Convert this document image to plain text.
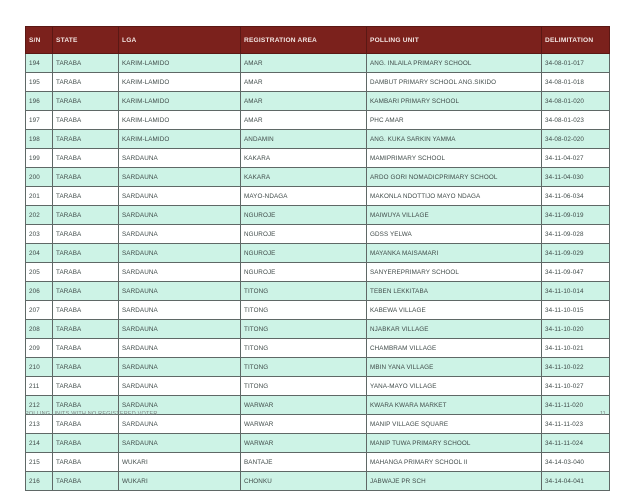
S/N	STATE	LGA	REGISTRATION AREA	POLLING UNIT	DELIMITATION
194	TARABA	KARIM-LAMIDO	AMAR	ANG. INLAILA PRIMARY SCHOOL	34-08-01-017
195	TARABA	KARIM-LAMIDO	AMAR	DAMBUT PRIMARY SCHOOL ANG.SIKIDO	34-08-01-018
196	TARABA	KARIM-LAMIDO	AMAR	KAMBARI PRIMARY SCHOOL	34-08-01-020
197	TARABA	KARIM-LAMIDO	AMAR	PHC AMAR	34-08-01-023
198	TARABA	KARIM-LAMIDO	ANDAMIN	ANG. KUKA SARKIN YAMMA	34-08-02-020
199	TARABA	SARDAUNA	KAKARA	MAMIPRIMARY SCHOOL	34-11-04-027
200	TARABA	SARDAUNA	KAKARA	ARDO GORI NOMADICPRIMARY SCHOOL	34-11-04-030
201	TARABA	SARDAUNA	MAYO-NDAGA	MAKONLA NDOTTIJO MAYO NDAGA	34-11-06-034
202	TARABA	SARDAUNA	NGUROJE	MAIWUYA VILLAGE	34-11-09-019
203	TARABA	SARDAUNA	NGUROJE	GDSS YELWA	34-11-09-028
204	TARABA	SARDAUNA	NGUROJE	MAYANKA MAISAMARI	34-11-09-029
205	TARABA	SARDAUNA	NGUROJE	SANYEREPRIMARY SCHOOL	34-11-09-047
206	TARABA	SARDAUNA	TITONG	TEBEN LEKKITABA	34-11-10-014
207	TARABA	SARDAUNA	TITONG	KABEWA VILLAGE	34-11-10-015
208	TARABA	SARDAUNA	TITONG	NJABKAR VILLAGE	34-11-10-020
209	TARABA	SARDAUNA	TITONG	CHAMBRAM VILLAGE	34-11-10-021
210	TARABA	SARDAUNA	TITONG	MBIN YANA VILLAGE	34-11-10-022
211	TARABA	SARDAUNA	TITONG	YANA-MAYO VILLAGE	34-11-10-027
212	TARABA	SARDAUNA	WARWAR	KWARA KWARA MARKET	34-11-11-020
213	TARABA	SARDAUNA	WARWAR	MANIP VILLAGE SQUARE	34-11-11-023
214	TARABA	SARDAUNA	WARWAR	MANIP TUWA PRIMARY SCHOOL	34-11-11-024
215	TARABA	WUKARI	BANTAJE	MAHANGA PRIMARY SCHOOL II	34-14-03-040
216	TARABA	WUKARI	CHONKU	JABWAJE PR SCH	34-14-04-041
POLLING UNITS WITH NO REGISTERED VOTER	11
